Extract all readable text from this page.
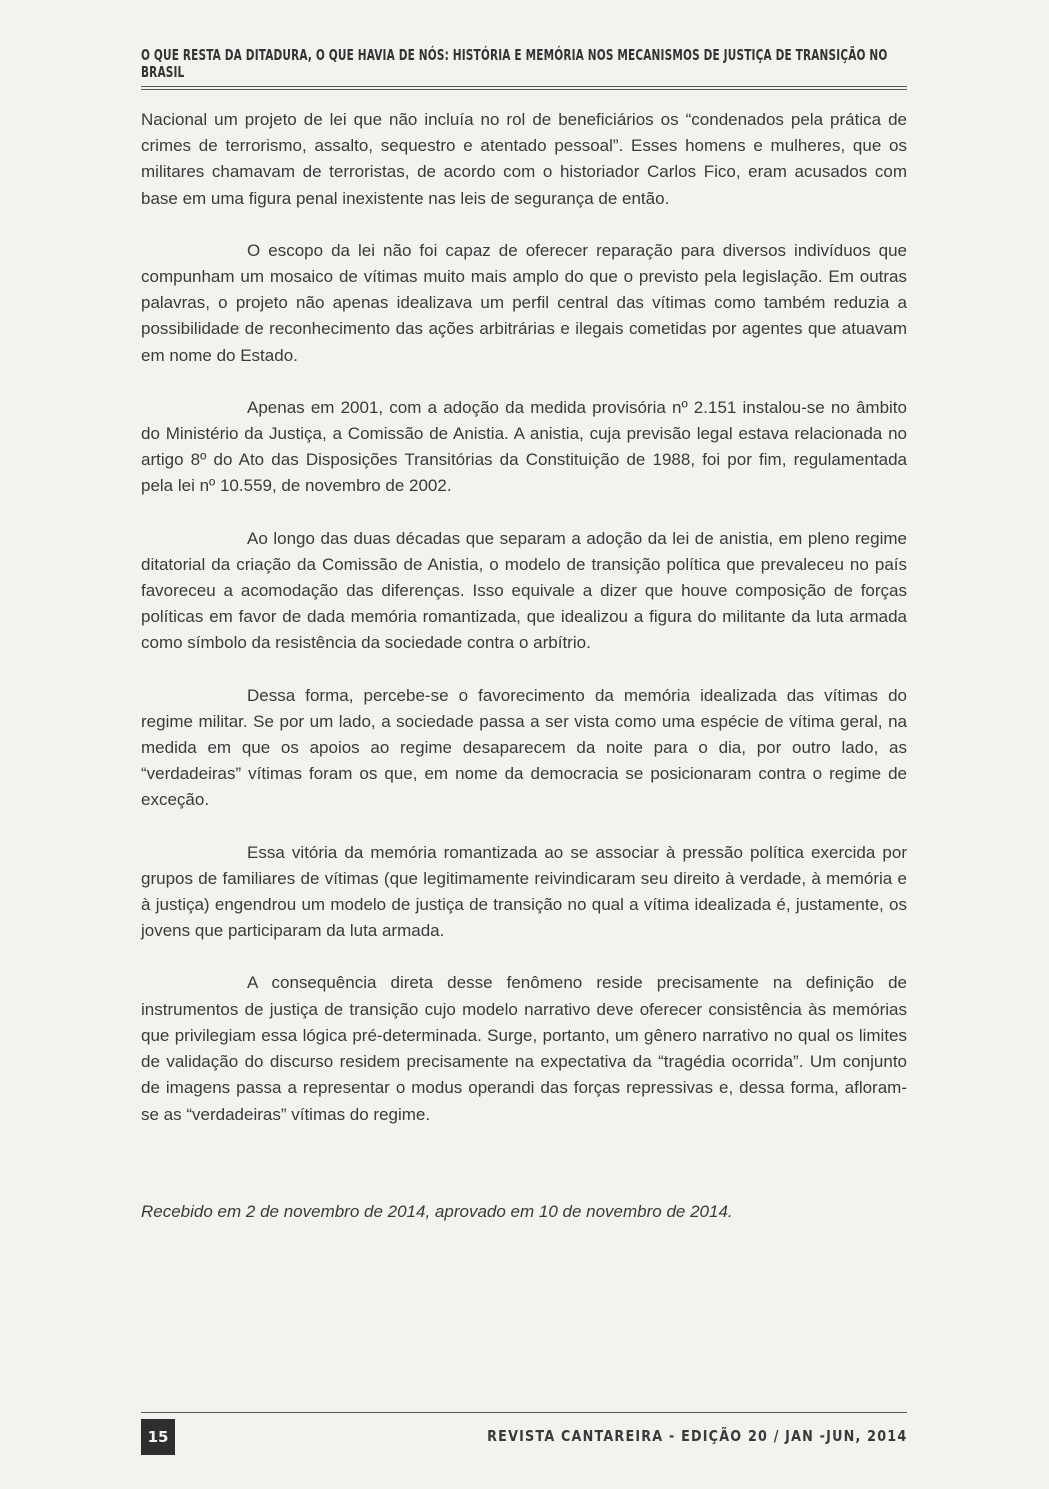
O QUE RESTA DA DITADURA, O QUE HAVIA DE NÓS: HISTÓRIA E MEMÓRIA NOS MECANISMOS DE JUSTIÇA DE TRANSIÇÃO NO BRASIL

Nacional um projeto de lei que não incluía no rol de beneficiários os “condenados pela prática de crimes de terrorismo, assalto, sequestro e atentado pessoal”. Esses homens e mulheres, que os militares chamavam de terroristas, de acordo com o historiador Carlos Fico, eram acusados com base em uma figura penal inexistente nas leis de segurança de então.

O escopo da lei não foi capaz de oferecer reparação para diversos indivíduos que compunham um mosaico de vítimas muito mais amplo do que o previsto pela legislação. Em outras palavras, o projeto não apenas idealizava um perfil central das vítimas como também reduzia a possibilidade de reconhecimento das ações arbitrárias e ilegais cometidas por agentes que atuavam em nome do Estado.

Apenas em 2001, com a adoção da medida provisória nº 2.151 instalou-se no âmbito do Ministério da Justiça, a Comissão de Anistia. A anistia, cuja previsão legal estava relacionada no artigo 8º do Ato das Disposições Transitórias da Constituição de 1988, foi por fim, regulamentada pela lei nº 10.559, de novembro de 2002.

Ao longo das duas décadas que separam a adoção da lei de anistia, em pleno regime ditatorial da criação da Comissão de Anistia, o modelo de transição política que prevaleceu no país favoreceu a acomodação das diferenças. Isso equivale a dizer que houve composição de forças políticas em favor de dada memória romantizada, que idealizou a figura do militante da luta armada como símbolo da resistência da sociedade contra o arbítrio.

Dessa forma, percebe-se o favorecimento da memória idealizada das vítimas do regime militar. Se por um lado, a sociedade passa a ser vista como uma espécie de vítima geral, na medida em que os apoios ao regime desaparecem da noite para o dia, por outro lado, as “verdadeiras” vítimas foram os que, em nome da democracia se posicionaram contra o regime de exceção.

Essa vitória da memória romantizada ao se associar à pressão política exercida por grupos de familiares de vítimas (que legitimamente reivindicaram seu direito à verdade, à memória e à justiça) engendrou um modelo de justiça de transição no qual a vítima idealizada é, justamente, os jovens que participaram da luta armada.

A consequência direta desse fenômeno reside precisamente na definição de instrumentos de justiça de transição cujo modelo narrativo deve oferecer consistência às memórias que privilegiam essa lógica pré-determinada. Surge, portanto, um gênero narrativo no qual os limites de validação do discurso residem precisamente na expectativa da “tragédia ocorrida”. Um conjunto de imagens passa a representar o modus operandi das forças repressivas e, dessa forma, afloram-se as “verdadeiras” vítimas do regime.

Recebido em 2 de novembro de 2014, aprovado em 10 de novembro de 2014.
15	REVISTA CANTAREIRA - EDIÇÃO 20 / JAN -JUN, 2014
